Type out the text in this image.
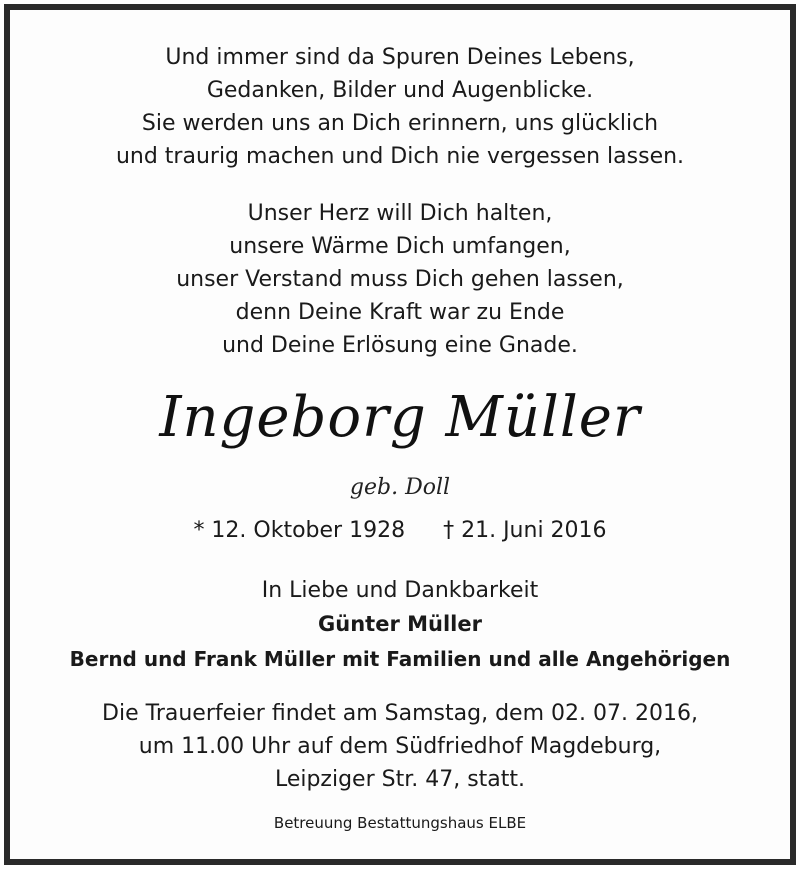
Und immer sind da Spuren Deines Lebens,
Gedanken, Bilder und Augenblicke.
Sie werden uns an Dich erinnern, uns glücklich
und traurig machen und Dich nie vergessen lassen.
Unser Herz will Dich halten,
unsere Wärme Dich umfangen,
unser Verstand muss Dich gehen lassen,
denn Deine Kraft war zu Ende
und Deine Erlösung eine Gnade.
Ingeborg Müller
geb. Doll
* 12. Oktober 1928 † 21. Juni 2016
In Liebe und Dankbarkeit
Günter Müller
Bernd und Frank Müller mit Familien und alle Angehörigen
Die Trauerfeier findet am Samstag, dem 02. 07. 2016,
um 11.00 Uhr auf dem Südfriedhof Magdeburg,
Leipziger Str. 47, statt.
Betreuung Bestattungshaus ELBE
